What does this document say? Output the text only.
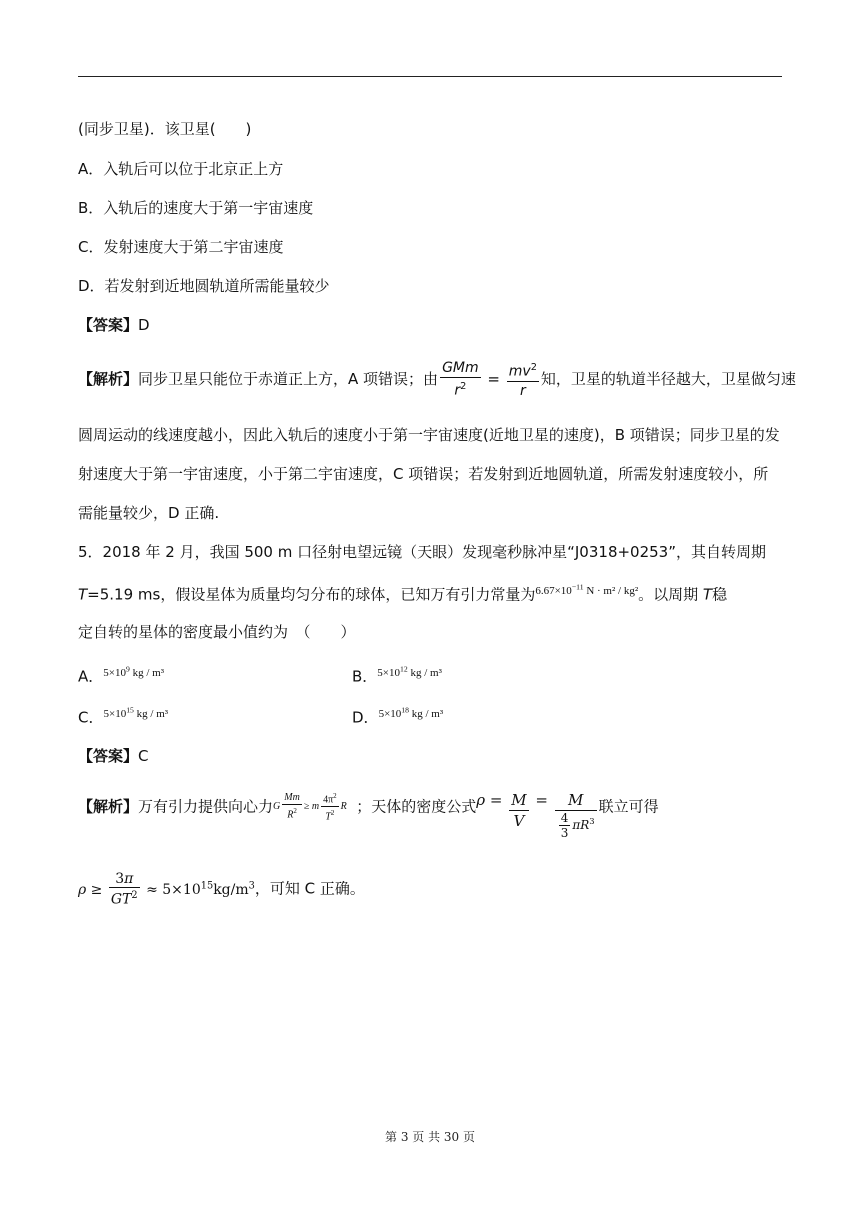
(同步卫星)．该卫星(　　)
A．入轨后可以位于北京正上方
B．入轨后的速度大于第一宇宙速度
C．发射速度大于第二宇宙速度
D．若发射到近地圆轨道所需能量较少
【答案】D
【解析】同步卫星只能位于赤道正上方，A 项错误；由 $\frac{\text{GMm}}{r^2} = \frac{mv^2}{r}$ 知，卫星的轨道半径越大，卫星做匀速
圆周运动的线速度越小，因此入轨后的速度小于第一宇宙速度(近地卫星的速度)，B 项错误；同步卫星的发
射速度大于第一宇宙速度，小于第二宇宙速度，C 项错误；若发射到近地圆轨道，所需发射速度较小，所
需能量较少，D 正确.
5．2018 年 2 月，我国 500 m 口径射电望远镜（天眼）发现毫秒脉冲星“J0318+0253”，其自转周期
T=5.19 ms，假设星体为质量均匀分布的球体，已知万有引力常量为$^{6.67\times 10^{-11} N \cdot m^2 / kg^2}$。以周期 T稳
定自转的星体的密度最小值约为　（　　）
A．$^{5\times 10^9 kg / m^3}$	B．$^{5\times 10^{12} kg / m^3}$
C．$^{5\times 10^{15} kg / m^3}$	D．$^{5\times 10^{18} kg / m^3}$
【答案】C
【解析】万有引力提供向心力G $\frac{Mm}{R^2} \ge m \frac{4\pi^2}{T^2}$ R ；天体的密度公式$\rho = \frac{M}{V} = \frac{M}{\frac{4}{3} \pi R^3}$ 联立可得
$\rho \ge \frac{3\pi}{GT^2} \approx 5\times 10^{15}kg/m^3$，可知 C 正确。
第 3 页 共 30 页
